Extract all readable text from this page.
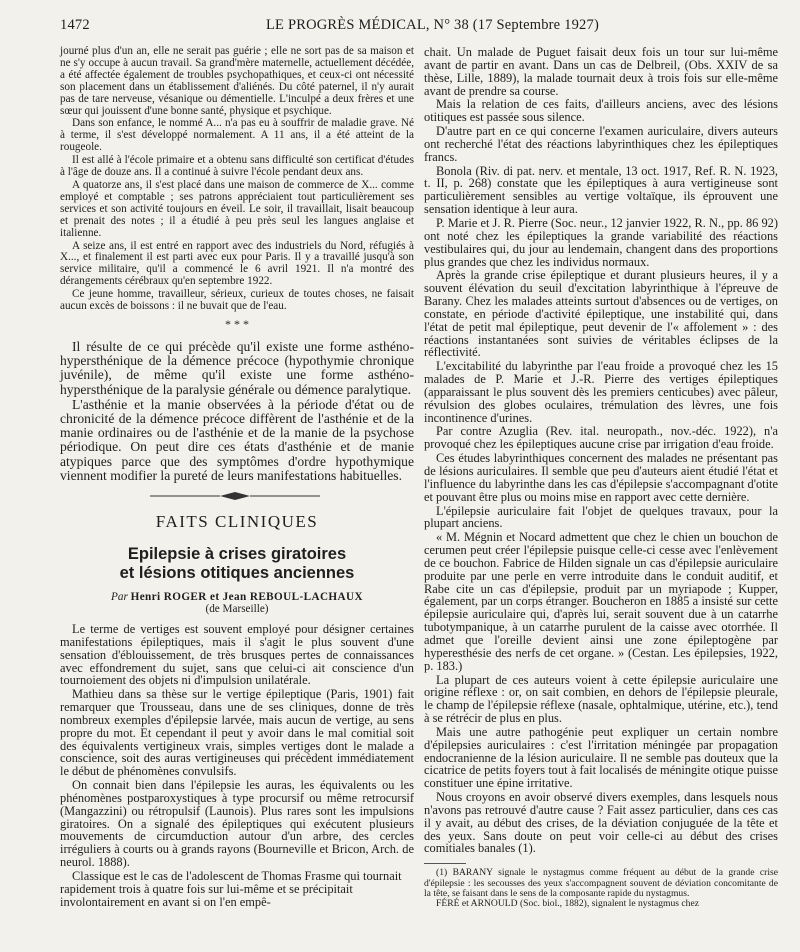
1472	LE PROGRÈS MÉDICAL, N° 38 (17 Septembre 1927)

journé plus d'un an, elle ne serait pas guérie ; elle ne sort pas de sa maison et ne s'y occupe à aucun travail. Sa grand'mère maternelle, actuellement décédée, a été affectée également de troubles psychopathiques, et ceux-ci ont nécessité son placement dans un établissement d'aliénés. Du côté paternel, il n'y aurait pas de tare nerveuse, vésanique ou démentielle. L'inculpé a deux frères et une sœur qui jouissent d'une bonne santé, physique et psychique.

Dans son enfance, le nommé A... n'a pas eu à souffrir de maladie grave. Né à terme, il s'est développé normalement. A 11 ans, il a été atteint de la rougeole.

Il est allé à l'école primaire et a obtenu sans difficulté son certificat d'études à l'âge de douze ans. Il a continué à suivre l'école pendant deux ans.

A quatorze ans, il s'est placé dans une maison de commerce de X... comme employé et comptable ; ses patrons appréciaient tout particulièrement ses services et son activité toujours en éveil. Le soir, il travaillait, lisait beaucoup et prenait des notes ; il a étudié à peu près seul les langues anglaise et italienne.

A seize ans, il est entré en rapport avec des industriels du Nord, réfugiés à X..., et finalement il est parti avec eux pour Paris. Il y a travaillé jusqu'à son service militaire, qu'il a commencé le 6 avril 1921. Il n'a montré des dérangements cérébraux qu'en septembre 1922.

Ce jeune homme, travailleur, sérieux, curieux de toutes choses, ne faisait aucun excès de boissons : il ne buvait que de l'eau.

* * *

Il résulte de ce qui précède qu'il existe une forme asthéno-hypersthénique de la démence précoce (hypothymie chronique juvénile), de même qu'il existe une forme asthéno-hypersthénique de la paralysie générale ou démence paralytique.

L'asthénie et la manie observées à la période d'état ou de chronicité de la démence précoce diffèrent de l'asthénie et de la manie ordinaires ou de l'asthénie et de la manie de la psychose périodique. On peut dire ces états d'asthénie et de manie atypiques parce que des symptômes d'ordre hypothymique viennent modifier la pureté de leurs manifestations habituelles.

FAITS CLINIQUES
Epilepsie à crises giratoires
et lésions otitiques anciennes
Par Henri ROGER et Jean REBOUL-LACHAUX
(de Marseille)

Le terme de vertiges est souvent employé pour désigner certaines manifestations épileptiques, mais il s'agit le plus souvent d'une sensation d'éblouissement, de très brusques pertes de connaissances avec effondrement du sujet, sans que celui-ci ait conscience d'un tournoiement des objets ni d'impulsion unilatérale.

Mathieu dans sa thèse sur le vertige épileptique (Paris, 1901) fait remarquer que Trousseau, dans une de ses cliniques, donne de très nombreux exemples d'épilepsie larvée, mais aucun de vertige, au sens propre du mot. Et cependant il peut y avoir dans le mal comitial soit des équivalents vertigineux vrais, simples vertiges dont le malade a conscience, soit des auras vertigineuses qui précèdent immédiatement le début de phénomènes convulsifs.

On connait bien dans l'épilepsie les auras, les équivalents ou les phénomènes postparoxystiques à type procursif ou même retrocursif (Mangazzini) ou rétropulsif (Launois). Plus rares sont les impulsions giratoires. On a signalé des épileptiques qui exécutent plusieurs mouvements de circumduction autour d'un arbre, des cercles irréguliers à courts ou à grands rayons (Bourneville et Bricon, Arch. de neurol. 1888).

Classique est le cas de l'adolescent de Thomas Frasme qui tournait rapidement trois à quatre fois sur lui-même et se précipitait involontairement en avant si on l'en empê-

chait. Un malade de Puguet faisait deux fois un tour sur lui-même avant de partir en avant. Dans un cas de Delbreil, (Obs. XXIV de sa thèse, Lille, 1889), la malade tournait deux à trois fois sur elle-même avant de prendre sa course.

Mais la relation de ces faits, d'ailleurs anciens, avec des lésions otitiques est passée sous silence.

D'autre part en ce qui concerne l'examen auriculaire, divers auteurs ont recherché l'état des réactions labyrinthiques chez les épileptiques francs.

Bonola (Riv. di pat. nerv. et mentale, 13 oct. 1917, Ref. R. N. 1923, t. II, p. 268) constate que les épileptiques à aura vertigineuse sont particulièrement sensibles au vertige voltaïque, ils éprouvent une sensation identique à leur aura.

P. Marie et J. R. Pierre (Soc. neur., 12 janvier 1922, R. N., pp. 86 92) ont noté chez les épileptiques la grande variabilité des réactions vestibulaires qui, du jour au lendemain, changent dans des proportions plus grandes que chez les individus normaux.

Après la grande crise épileptique et durant plusieurs heures, il y a souvent élévation du seuil d'excitation labyrinthique à l'épreuve de Barany. Chez les malades atteints surtout d'absences ou de vertiges, on constate, en période d'activité épileptique, une instabilité qui, dans l'état de petit mal épileptique, peut devenir de l'« affolement » : des réactions instantanées sont suivies de véritables éclipses de la réflectivité.

L'excitabilité du labyrinthe par l'eau froide a provoqué chez les 15 malades de P. Marie et J.-R. Pierre des vertiges épileptiques (apparaissant le plus souvent dès les premiers centicubes) avec pâleur, révulsion des globes oculaires, trémulation des lèvres, une fois incontinence d'urines.

Par contre Azuglia (Rev. ital. neuropath., nov.-déc. 1922), n'a provoqué chez les épileptiques aucune crise par irrigation d'eau froide.

Ces études labyrinthiques concernent des malades ne présentant pas de lésions auriculaires. Il semble que peu d'auteurs aient étudié l'état et l'influence du labyrinthe dans les cas d'épilepsie s'accompagnant d'otite et pouvant être plus ou moins mise en rapport avec cette dernière.

L'épilepsie auriculaire fait l'objet de quelques travaux, pour la plupart anciens.

« M. Mégnin et Nocard admettent que chez le chien un bouchon de cerumen peut créer l'épilepsie puisque celle-ci cesse avec l'enlèvement de ce bouchon. Fabrice de Hilden signale un cas d'épilepsie auriculaire produite par une perle en verre introduite dans le conduit auditif, et Rabe cite un cas d'épilepsie, produit par un myriapode ; Kupper, également, par un corps étranger. Boucheron en 1885 a insisté sur cette épilepsie auriculaire qui, d'après lui, serait souvent due à un catarrhe tubotympanique, à un catarrhe purulent de la caisse avec otorrhée. Il admet que l'oreille devient ainsi une zone épileptogène par hyperesthésie des nerfs de cet organe. » (Cestan. Les épilepsies, 1922, p. 183.)

La plupart de ces auteurs voient à cette épilepsie auriculaire une origine réflexe : or, on sait combien, en dehors de l'épilepsie pleurale, le champ de l'épilepsie réflexe (nasale, ophtalmique, utérine, etc.), tend à se rétrécir de plus en plus.

Mais une autre pathogénie peut expliquer un certain nombre d'épilepsies auriculaires : c'est l'irritation méningée par propagation endocranienne de la lésion auriculaire. Il ne semble pas douteux que la cicatrice de petits foyers tout à fait localisés de méningite otique puisse constituer une épine irritative.

Nous croyons en avoir observé divers exemples, dans lesquels nous n'avons pas retrouvé d'autre cause ? Fait assez particulier, dans ces cas il y avait, au début des crises, de la déviation conjuguée de la tête et des yeux. Sans doute on peut voir celle-ci au début des crises comitiales banales (1).

(1) BARANY signale le nystagmus comme fréquent au début de la grande crise d'épilepsie : les secousses des yeux s'accompagnent souvent de déviation concomitante de la tête, se faisant dans le sens de la composante rapide du nystagmus.

FÉRÉ et ARNOULD (Soc. biol., 1882), signalent le nystagmus chez
